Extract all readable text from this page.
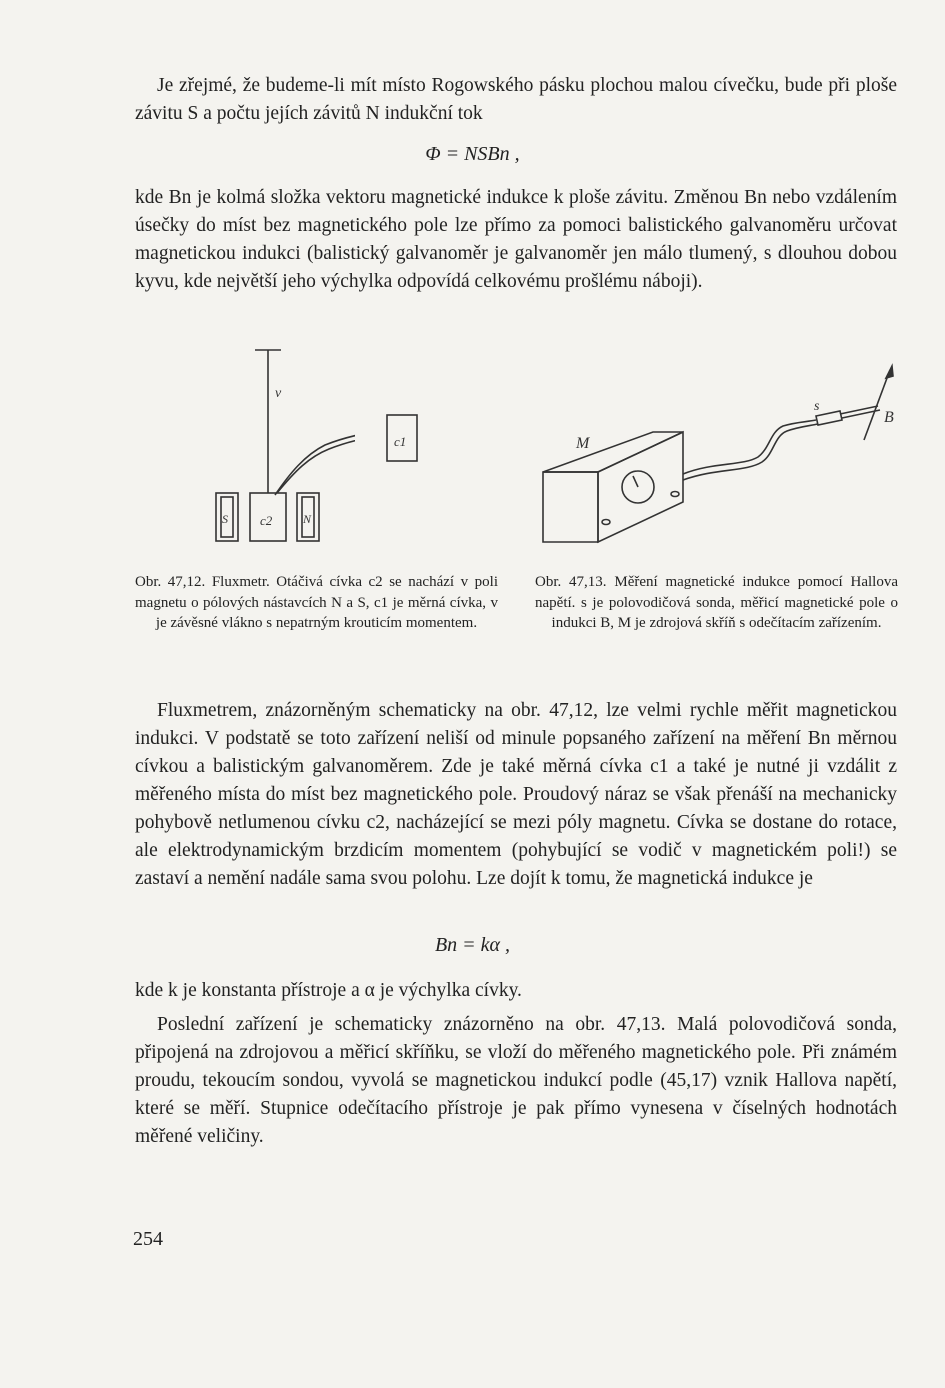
Je zřejmé, že budeme-li mít místo Rogowského pásku plochou malou cívečku, bude při ploše závitu S a počtu jejích závitů N indukční tok

Φ = NSBn ,

kde Bn je kolmá složka vektoru magnetické indukce k ploše závitu. Změnou Bn nebo vzdálením úsečky do míst bez magnetického pole lze přímo za pomoci balistického galvanoměru určovat magnetickou indukci (balistický galvanoměr je galvanoměr jen málo tlumený, s dlouhou dobou kyvu, kde největší jeho výchylka odpovídá celkovému prošlému náboji).

v
c2
S	N
c1	M
s
B

Obr. 47,12. Fluxmetr. Otáčivá cívka c2 se nachází v poli magnetu o pólových nástavcích N a S, c1 je měrná cívka, v je závěsné vlákno s nepatrným krouticím momentem.

Obr. 47,13. Měření magnetické indukce pomocí Hallova napětí. s je polovodičová sonda, měřicí magnetické pole o indukci B, M je zdrojová skříň s odečítacím zařízením.

Fluxmetrem, znázorněným schematicky na obr. 47,12, lze velmi rychle měřit magnetickou indukci. V podstatě se toto zařízení neliší od minule popsaného zařízení na měření Bn měrnou cívkou a balistickým galvanoměrem. Zde je také měrná cívka c1 a také je nutné ji vzdálit z měřeného místa do míst bez magnetického pole. Proudový náraz se však přenáší na mechanicky pohybově netlumenou cívku c2, nacházející se mezi póly magnetu. Cívka se dostane do rotace, ale elektrodynamickým brzdicím momentem (pohybující se vodič v magnetickém poli!) se zastaví a nemění nadále sama svou polohu. Lze dojít k tomu, že magnetická indukce je

Bn = kα ,

kde k je konstanta přístroje a α je výchylka cívky.

Poslední zařízení je schematicky znázorněno na obr. 47,13. Malá polovodičová sonda, připojená na zdrojovou a měřicí skříňku, se vloží do měřeného magnetického pole. Při známém proudu, tekoucím sondou, vyvolá se magnetickou indukcí podle (45,17) vznik Hallova napětí, které se měří. Stupnice odečítacího přístroje je pak přímo vynesena v číselných hodnotách měřené veličiny.

254
